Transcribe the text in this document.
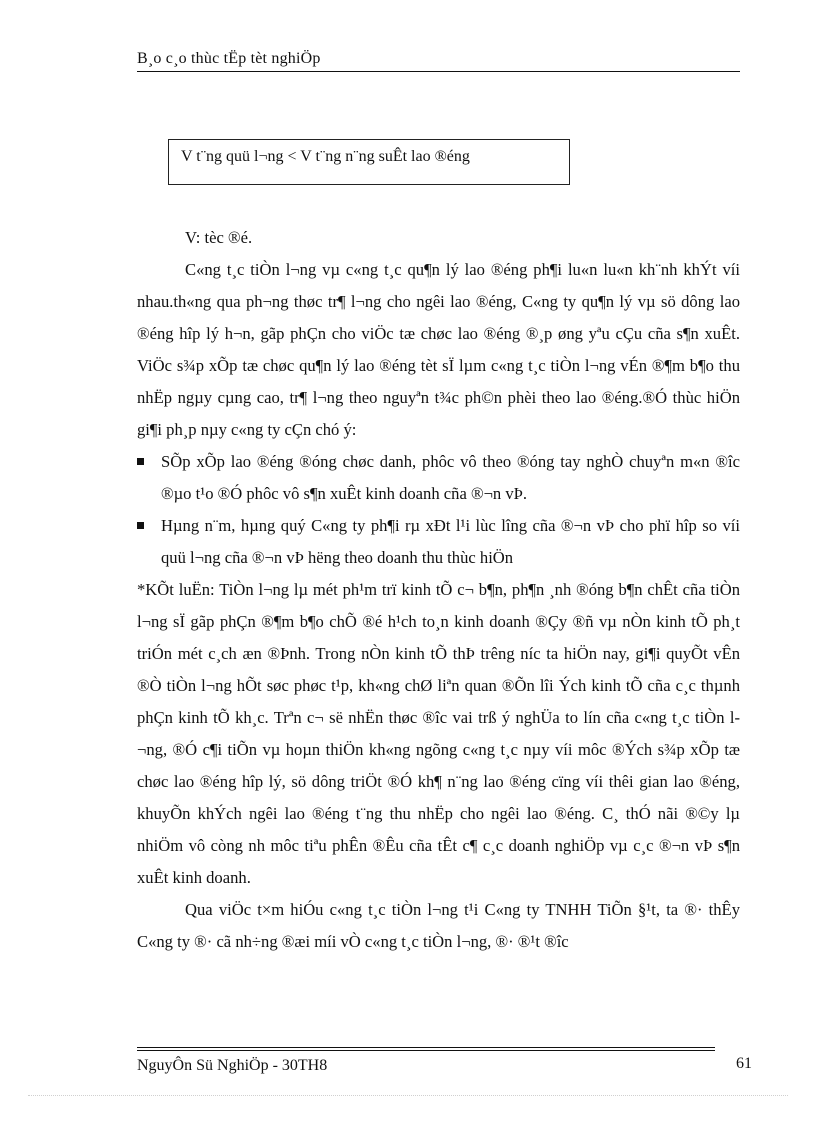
B¸o c¸o thùc tËp tèt nghiÖp
V t¨ng quü l¬ng < V t¨ng n¨ng suÊt lao ®éng

V: tèc ®é.

C«ng t¸c tiÒn l¬ng vµ c«ng t¸c qu¶n lý lao ®éng ph¶i lu«n lu«n kh¨nh khÝt víi nhau.th«ng qua ph¬ng thøc tr¶ l¬ng cho ngêi lao ®éng, C«ng ty qu¶n lý vµ sö dông lao ®éng hîp lý h¬n, gãp phÇn cho viÖc tæ chøc lao ®éng ®¸p øng yªu cÇu cña s¶n xuÊt. ViÖc s¾p xÕp tæ chøc qu¶n lý lao ®éng tèt sÏ lµm c«ng t¸c tiÒn l¬ng vÉn ®¶m b¶o thu nhËp ngµy cµng cao, tr¶ l¬ng theo nguyªn t¾c ph©n phèi theo lao ®éng.®Ó thùc hiÖn gi¶i ph¸p nµy c«ng ty cÇn chó ý:

SÕp xÕp lao ®éng ®óng chøc danh, phôc vô theo ®óng tay nghÒ chuyªn m«n ®îc ®µo t¹o ®Ó phôc vô s¶n xuÊt kinh doanh cña ®¬n vÞ.
Hµng n¨m, hµng quý C«ng ty ph¶i rµ xÐt l¹i lùc lîng cña ®¬n vÞ cho phï hîp so víi quü l¬ng cña ®¬n vÞ hëng theo doanh thu thùc hiÖn

*KÕt luËn: TiÒn l¬ng lµ mét ph¹m trï kinh tÕ c¬ b¶n, ph¶n ¸nh ®óng b¶n chÊt cña tiÒn l¬ng sÏ gãp phÇn ®¶m b¶o chÕ ®é h¹ch to¸n kinh doanh ®Çy ®ñ vµ nÒn kinh tÕ ph¸t triÓn mét c¸ch æn ®Þnh. Trong nÒn kinh tÕ thÞ trêng níc ta hiÖn nay, gi¶i quyÕt vÊn ®Ò tiÒn l¬ng hÕt søc phøc t¹p, kh«ng chØ liªn quan ®Õn lîi Ých kinh tÕ cña c¸c thµnh phÇn kinh tÕ kh¸c. Trªn c¬ së nhËn thøc ®îc vai trß ý nghÜa to lín cña c«ng t¸c tiÒn l¬ng, ®Ó c¶i tiÕn vµ hoµn thiÖn kh«ng ngõng c«ng t¸c nµy víi môc ®Ých s¾p xÕp tæ chøc lao ®éng hîp lý, sö dông triÖt ®Ó kh¶ n¨ng lao ®éng cïng víi thêi gian lao ®éng, khuyÕn khÝch ngêi lao ®éng t¨ng thu nhËp cho ngêi lao ®éng. C¸ thÓ nãi ®©y lµ nhiÖm vô còng nh môc tiªu phÊn ®Êu cña tÊt c¶ c¸c doanh nghiÖp vµ c¸c ®¬n vÞ s¶n xuÊt kinh doanh.

Qua viÖc t×m hiÓu c«ng t¸c tiÒn l¬ng t¹i C«ng ty TNHH TiÕn §¹t, ta ®· thÊy C«ng ty ®· cã nh÷ng ®æi míi vÒ c«ng t¸c tiÒn l¬ng, ®· ®¹t ®îc

NguyÔn Sü NghiÖp - 30TH8	61
